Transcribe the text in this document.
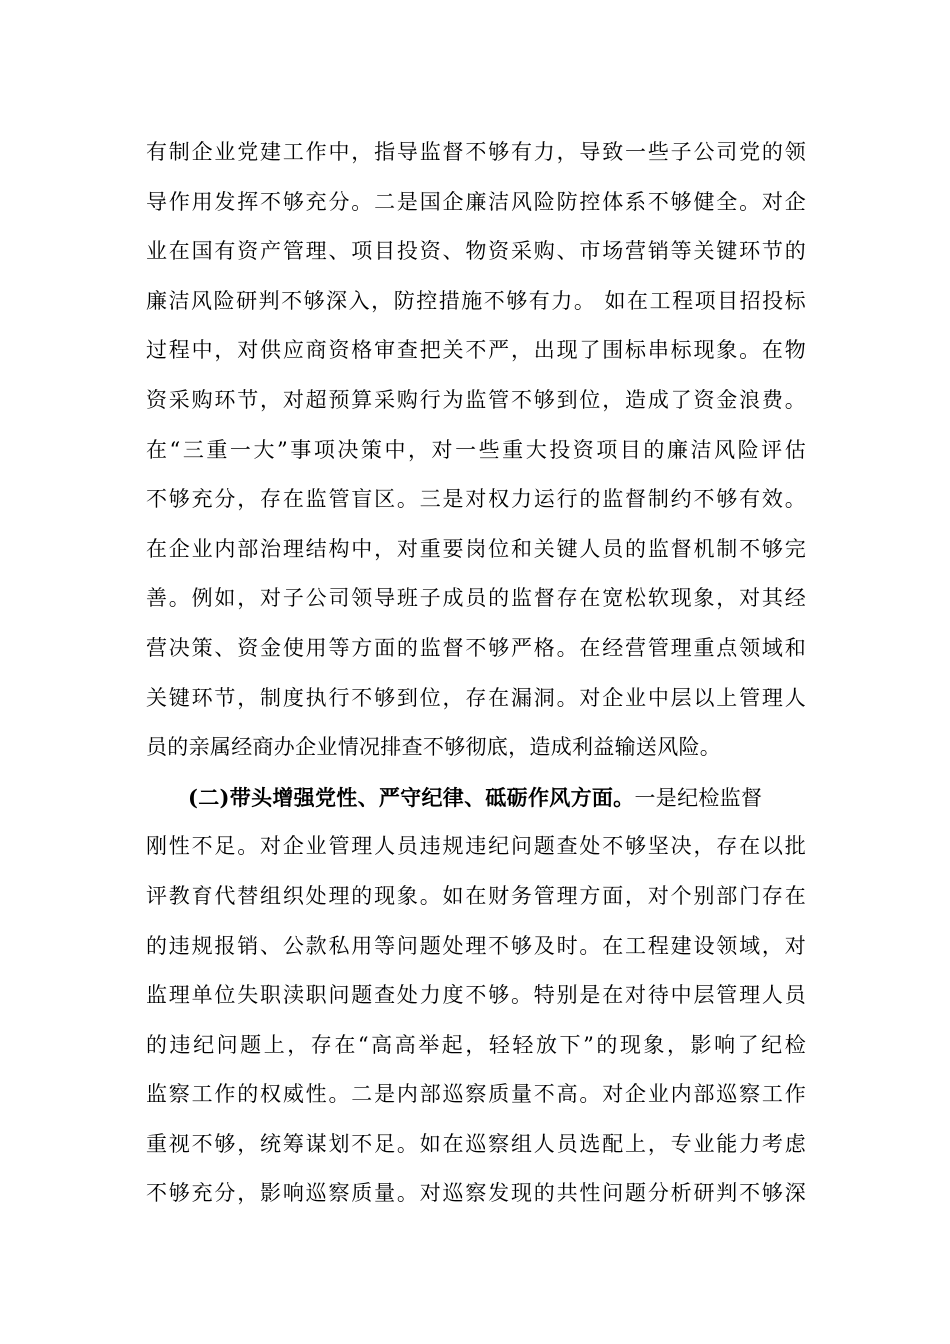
有制企业党建工作中，指导监督不够有力，导致一些子公司党的领
导作用发挥不够充分。二是国企廉洁风险防控体系不够健全。对企
业在国有资产管理、项目投资、物资采购、市场营销等关键环节的
廉洁风险研判不够深入，防控措施不够有力。 如在工程项目招投标
过程中，对供应商资格审查把关不严，出现了围标串标现象。在物
资采购环节，对超预算采购行为监管不够到位，造成了资金浪费。
在“三重一大”事项决策中，对一些重大投资项目的廉洁风险评估
不够充分，存在监管盲区。三是对权力运行的监督制约不够有效。
在企业内部治理结构中，对重要岗位和关键人员的监督机制不够完
善。例如，对子公司领导班子成员的监督存在宽松软现象，对其经
营决策、资金使用等方面的监督不够严格。在经营管理重点领域和
关键环节，制度执行不够到位，存在漏洞。对企业中层以上管理人
员的亲属经商办企业情况排查不够彻底，造成利益输送风险。
(二)带头增强党性、严守纪律、砥砺作风方面。一是纪检监督
刚性不足。对企业管理人员违规违纪问题查处不够坚决，存在以批
评教育代替组织处理的现象。如在财务管理方面，对个别部门存在
的违规报销、公款私用等问题处理不够及时。在工程建设领域，对
监理单位失职渎职问题查处力度不够。特别是在对待中层管理人员
的违纪问题上，存在“高高举起，轻轻放下”的现象，影响了纪检
监察工作的权威性。二是内部巡察质量不高。对企业内部巡察工作
重视不够，统筹谋划不足。如在巡察组人员选配上，专业能力考虑
不够充分，影响巡察质量。对巡察发现的共性问题分析研判不够深
